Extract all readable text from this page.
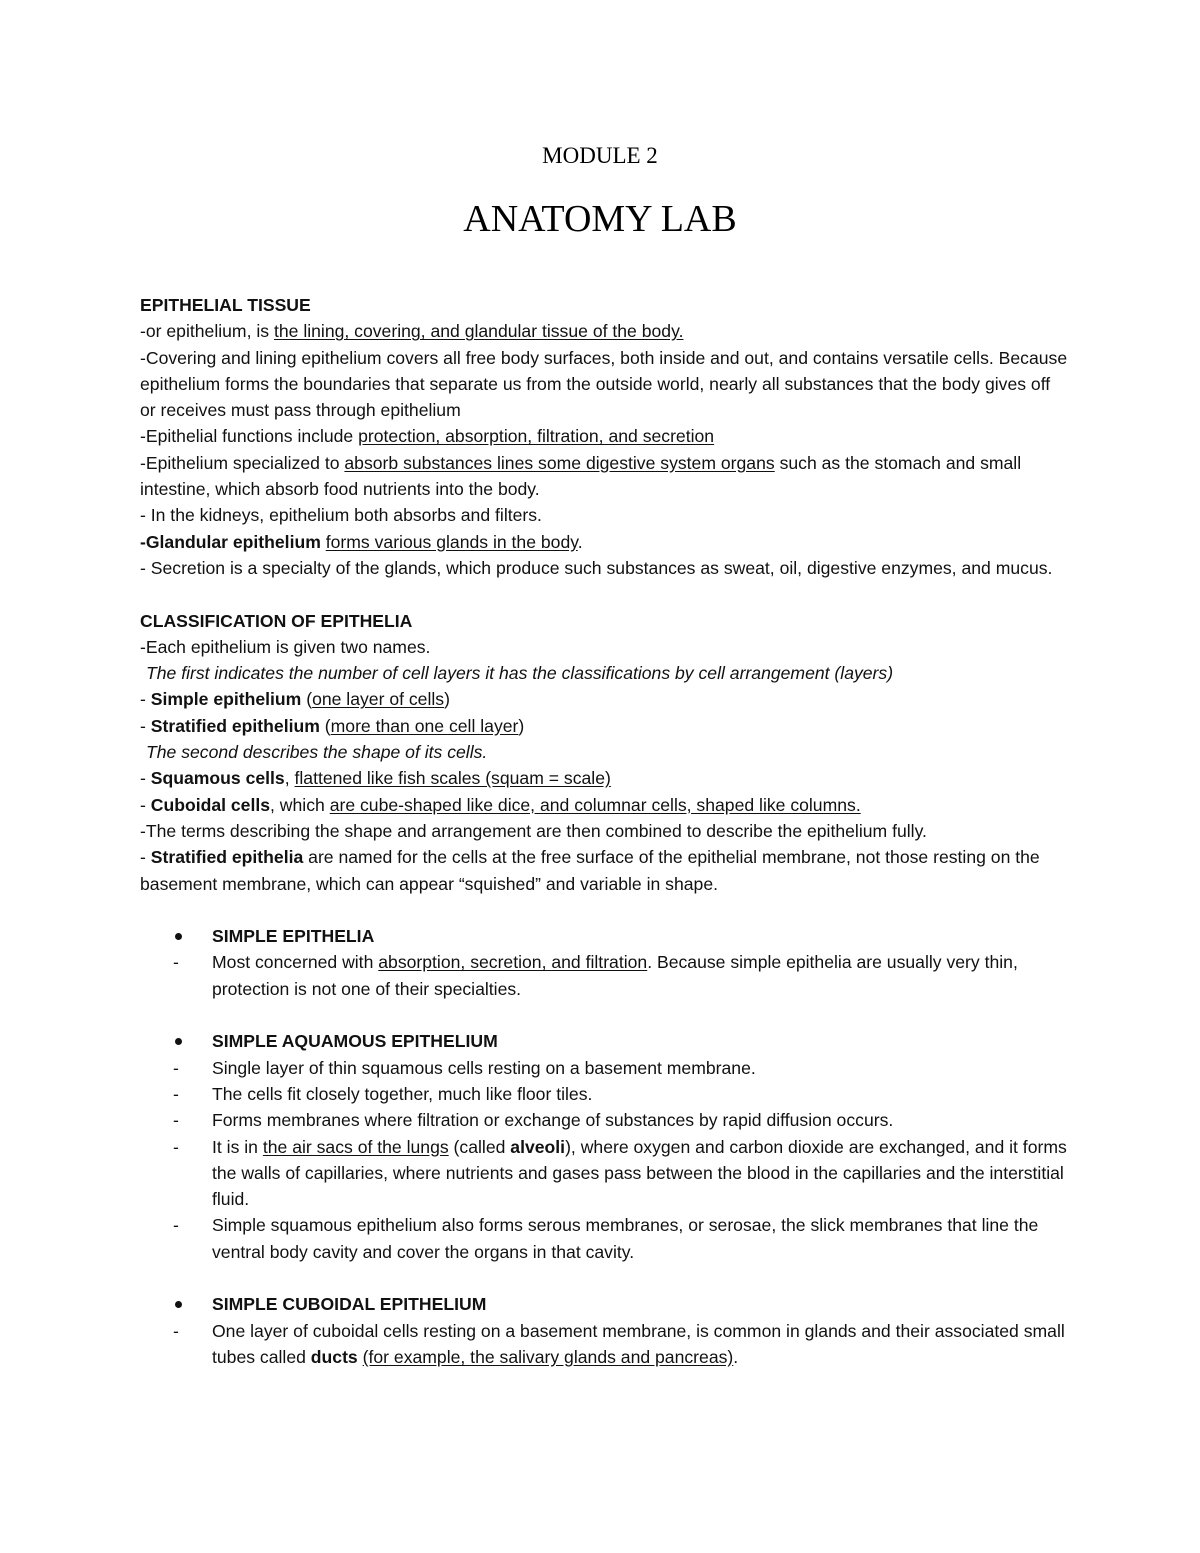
MODULE 2
ANATOMY LAB

EPITHELIAL TISSUE

-or epithelium, is the lining, covering, and glandular tissue of the body.

-Covering and lining epithelium covers all free body surfaces, both inside and out, and contains versatile cells. Because epithelium forms the boundaries that separate us from the outside world, nearly all substances that the body gives off or receives must pass through epithelium

-Epithelial functions include protection, absorption, filtration, and secretion

-Epithelium specialized to absorb substances lines some digestive system organs such as the stomach and small intestine, which absorb food nutrients into the body.

- In the kidneys, epithelium both absorbs and filters.

-Glandular epithelium forms various glands in the body.

- Secretion is a specialty of the glands, which produce such substances as sweat, oil, digestive enzymes, and mucus.

CLASSIFICATION OF EPITHELIA

-Each epithelium is given two names.

The first indicates the number of cell layers it has the classifications by cell arrangement (layers)

- Simple epithelium (one layer of cells)

- Stratified epithelium (more than one cell layer)

The second describes the shape of its cells.

- Squamous cells, flattened like fish scales (squam = scale)

- Cuboidal cells, which are cube-shaped like dice, and columnar cells, shaped like columns.

-The terms describing the shape and arrangement are then combined to describe the epithelium fully.

- Stratified epithelia are named for the cells at the free surface of the epithelial membrane, not those resting on the basement membrane, which can appear “squished” and variable in shape.

SIMPLE EPITHELIA

- Most concerned with absorption, secretion, and filtration. Because simple epithelia are usually very thin, protection is not one of their specialties.

SIMPLE AQUAMOUS EPITHELIUM

- Single layer of thin squamous cells resting on a basement membrane.

- The cells fit closely together, much like floor tiles.

- Forms membranes where filtration or exchange of substances by rapid diffusion occurs.

- It is in the air sacs of the lungs (called alveoli), where oxygen and carbon dioxide are exchanged, and it forms the walls of capillaries, where nutrients and gases pass between the blood in the capillaries and the interstitial fluid.

- Simple squamous epithelium also forms serous membranes, or serosae, the slick membranes that line the ventral body cavity and cover the organs in that cavity.

SIMPLE CUBOIDAL EPITHELIUM

- One layer of cuboidal cells resting on a basement membrane, is common in glands and their associated small tubes called ducts (for example, the salivary glands and pancreas).
